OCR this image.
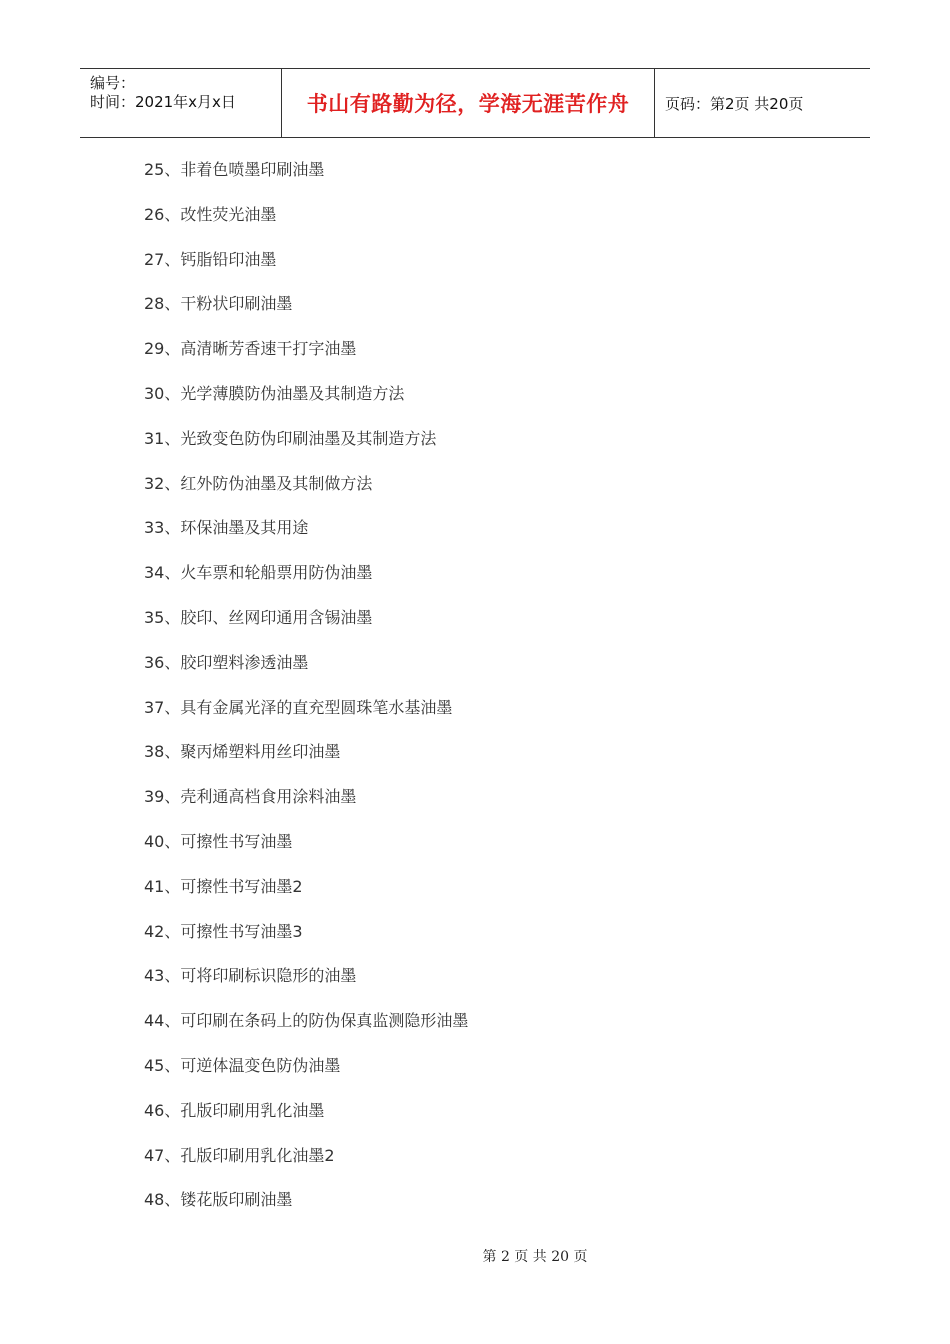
编号：
时间：2021年x月x日	书山有路勤为径，学海无涯苦作舟 页码：第2页 共20页
25、非着色喷墨印刷油墨
26、改性荧光油墨
27、钙脂铅印油墨
28、干粉状印刷油墨
29、高清晰芳香速干打字油墨
30、光学薄膜防伪油墨及其制造方法
31、光致变色防伪印刷油墨及其制造方法
32、红外防伪油墨及其制做方法
33、环保油墨及其用途
34、火车票和轮船票用防伪油墨
35、胶印、丝网印通用含锡油墨
36、胶印塑料渗透油墨
37、具有金属光泽的直充型圆珠笔水基油墨
38、聚丙烯塑料用丝印油墨
39、壳利通高档食用涂料油墨
40、可擦性书写油墨
41、可擦性书写油墨2
42、可擦性书写油墨3
43、可将印刷标识隐形的油墨
44、可印刷在条码上的防伪保真监测隐形油墨
45、可逆体温变色防伪油墨
46、孔版印刷用乳化油墨
47、孔版印刷用乳化油墨2
48、镂花版印刷油墨
第 2 页 共 20 页
